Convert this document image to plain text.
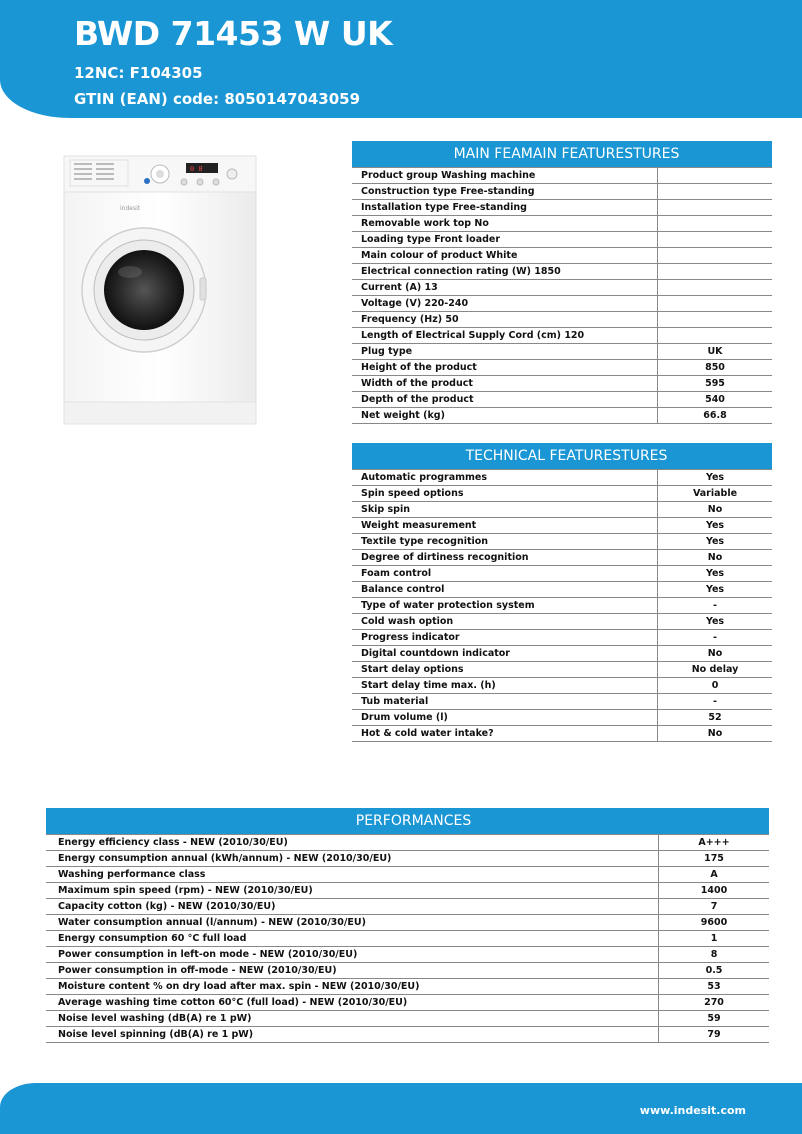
BWD 71453 W UK
12NC: F104305
GTIN (EAN) code: 8050147043059
0 8
indesit
MAIN FEAMAIN FEATURESTURES	
Product group Washing machine	
Construction type Free-standing	
Installation type Free-standing	
Removable work top No	
Loading type Front loader	
Main colour of product White	
Electrical connection rating (W) 1850	
Current (A) 13	
Voltage (V) 220-240	
Frequency (Hz) 50	
Length of Electrical Supply Cord (cm) 120	
Plug type	UK
Height of the product	850
Width of the product	595
Depth of the product	540
Net weight (kg)	66.8
TECHNICAL FEATURESTURES	
Automatic programmes	Yes
Spin speed options	Variable
Skip spin	No
Weight measurement	Yes
Textile type recognition	Yes
Degree of dirtiness recognition	No
Foam control	Yes
Balance control	Yes
Type of water protection system	-
Cold wash option	Yes
Progress indicator	-
Digital countdown indicator	No
Start delay options	No delay
Start delay time max. (h)	0
Tub material	-
Drum volume (l)	52
Hot & cold water intake?	No
PERFORMANCES	
Energy efficiency class - NEW (2010/30/EU)	A+++
Energy consumption annual (kWh/annum) - NEW (2010/30/EU)	175
Washing performance class	A
Maximum spin speed (rpm) - NEW (2010/30/EU)	1400
Capacity cotton (kg) - NEW (2010/30/EU)	7
Water consumption annual (l/annum) - NEW (2010/30/EU)	9600
Energy consumption 60 °C full load	1
Power consumption in left-on mode - NEW (2010/30/EU)	8
Power consumption in off-mode - NEW (2010/30/EU)	0.5
Moisture content % on dry load after max. spin - NEW (2010/30/EU)	53
Average washing time cotton 60°C (full load) - NEW (2010/30/EU)	270
Noise level washing (dB(A) re 1 pW)	59
Noise level spinning (dB(A) re 1 pW)	79
www.indesit.com
